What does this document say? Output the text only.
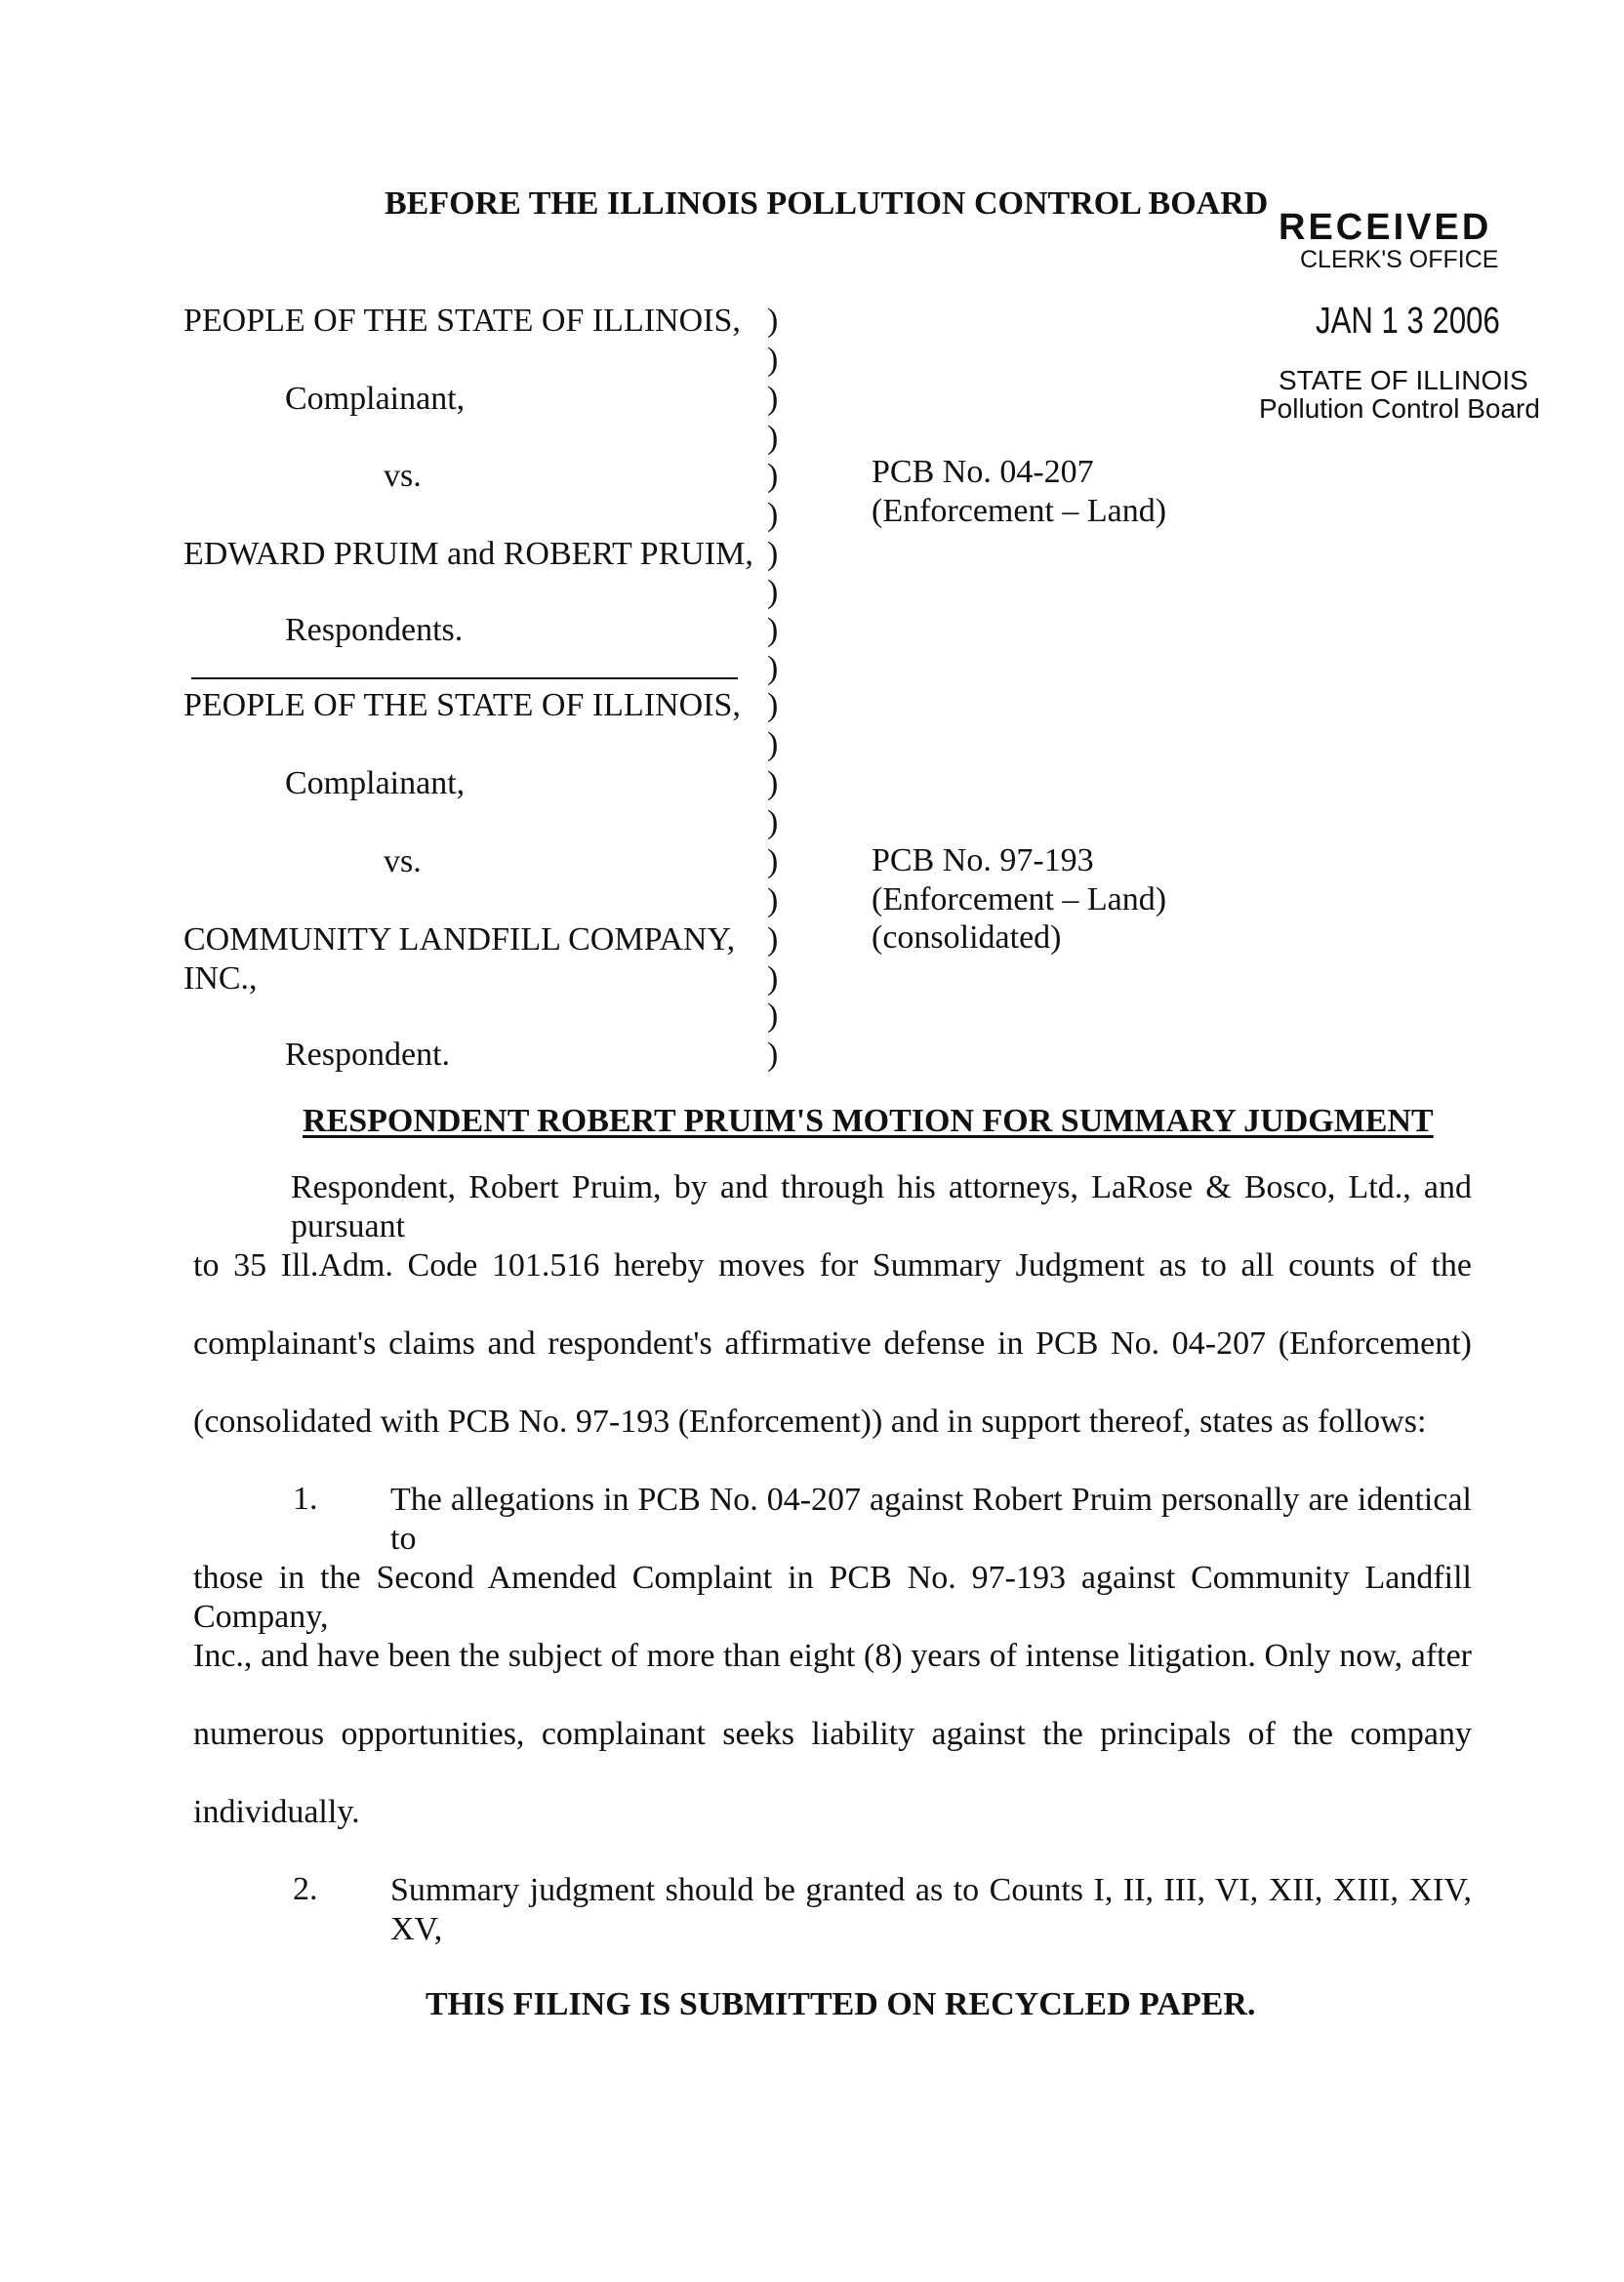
BEFORE THE ILLINOIS POLLUTION CONTROL BOARD
RECEIVED
CLERK'S OFFICE
JAN 1 3 2006
STATE OF ILLINOIS
Pollution Control Board
PEOPLE OF THE STATE OF ILLINOIS,
Complainant,
vs.
EDWARD PRUIM and ROBERT PRUIM,
Respondents.
PCB No. 04-207
(Enforcement – Land)
PEOPLE OF THE STATE OF ILLINOIS,
Complainant,
vs.
COMMUNITY LANDFILL COMPANY,
INC.,
Respondent.
PCB No. 97-193
(Enforcement – Land)
(consolidated)
)
)
)
)
)
)
)
)
)
)
)
)
)
)
)
)
)
)
)
)
RESPONDENT ROBERT PRUIM'S MOTION FOR SUMMARY JUDGMENT
Respondent, Robert Pruim, by and through his attorneys, LaRose & Bosco, Ltd., and pursuant
to 35 Ill.Adm. Code 101.516 hereby moves for Summary Judgment as to all counts of the
complainant's claims and respondent's affirmative defense in PCB No. 04-207 (Enforcement)
(consolidated with PCB No. 97-193 (Enforcement)) and in support thereof, states as follows:
1.	The allegations in PCB No. 04-207 against Robert Pruim personally are identical to
those in the Second Amended Complaint in PCB No. 97-193 against Community Landfill Company,
Inc., and have been the subject of more than eight (8) years of intense litigation. Only now, after
numerous opportunities, complainant seeks liability against the principals of the company
individually.
2.	Summary judgment should be granted as to Counts I, II, III, VI, XII, XIII, XIV, XV,
THIS FILING IS SUBMITTED ON RECYCLED PAPER.
